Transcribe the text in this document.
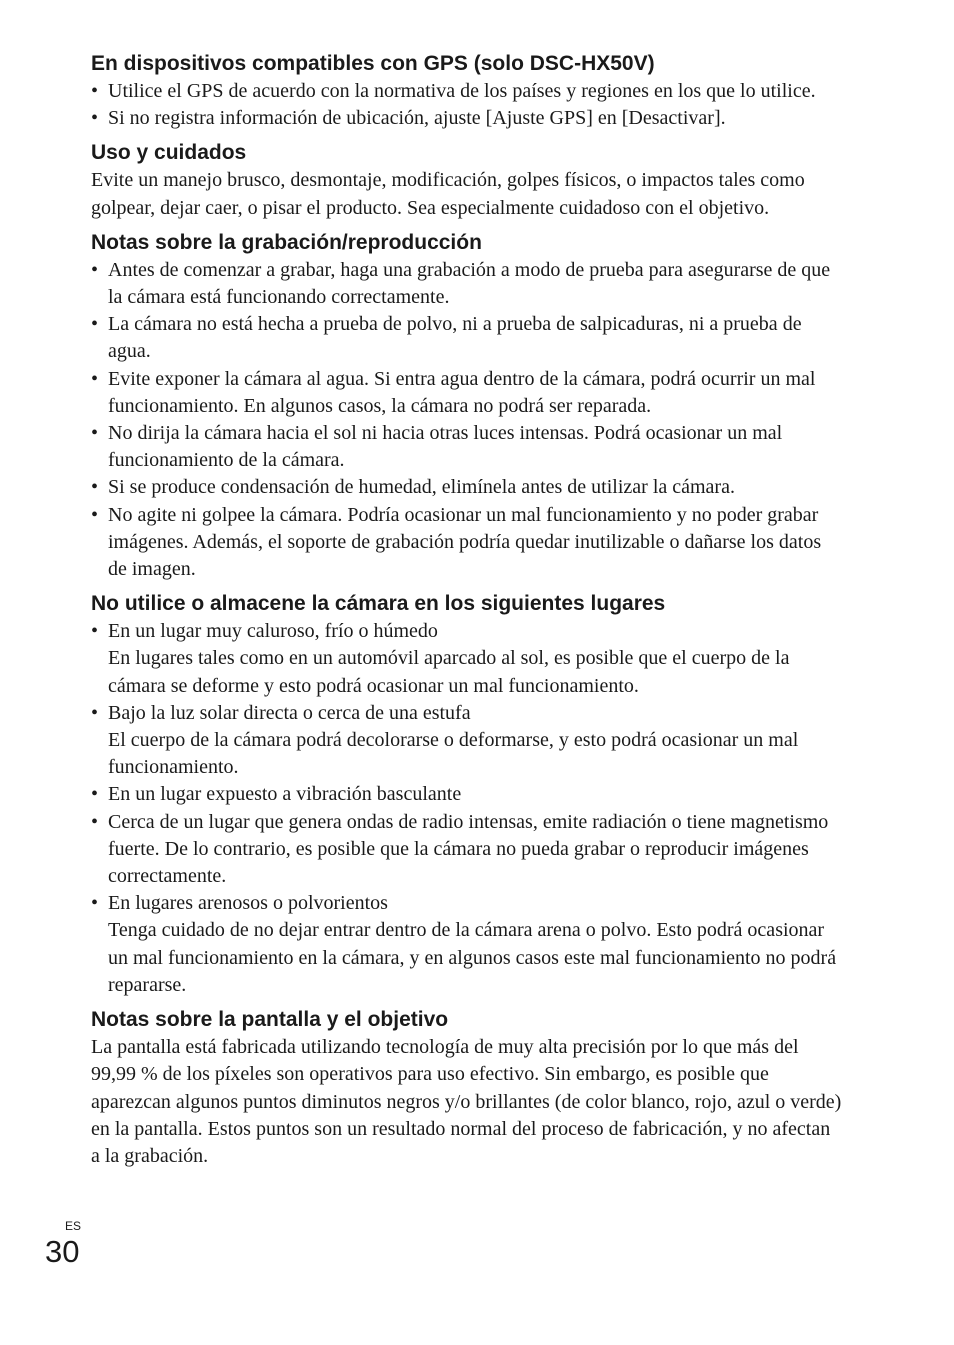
En dispositivos compatibles con GPS (solo DSC-HX50V)
• Utilice el GPS de acuerdo con la normativa de los países y regiones en los que lo utilice.
• Si no registra información de ubicación, ajuste [Ajuste GPS] en [Desactivar].
Uso y cuidados

Evite un manejo brusco, desmontaje, modificación, golpes físicos, o impactos tales como golpear, dejar caer, o pisar el producto. Sea especialmente cuidadoso con el objetivo.

Notas sobre la grabación/reproducción
• Antes de comenzar a grabar, haga una grabación a modo de prueba para asegurarse de que la cámara está funcionando correctamente.
• La cámara no está hecha a prueba de polvo, ni a prueba de salpicaduras, ni a prueba de agua.
• Evite exponer la cámara al agua. Si entra agua dentro de la cámara, podrá ocurrir un mal funcionamiento. En algunos casos, la cámara no podrá ser reparada.
• No dirija la cámara hacia el sol ni hacia otras luces intensas. Podrá ocasionar un mal funcionamiento de la cámara.
• Si se produce condensación de humedad, elimínela antes de utilizar la cámara.
• No agite ni golpee la cámara. Podría ocasionar un mal funcionamiento y no poder grabar imágenes. Además, el soporte de grabación podría quedar inutilizable o dañarse los datos de imagen.
No utilice o almacene la cámara en los siguientes lugares
• En un lugar muy caluroso, frío o húmedo
En lugares tales como en un automóvil aparcado al sol, es posible que el cuerpo de la cámara se deforme y esto podrá ocasionar un mal funcionamiento.
• Bajo la luz solar directa o cerca de una estufa
El cuerpo de la cámara podrá decolorarse o deformarse, y esto podrá ocasionar un mal funcionamiento.
• En un lugar expuesto a vibración basculante
• Cerca de un lugar que genera ondas de radio intensas, emite radiación o tiene magnetismo fuerte. De lo contrario, es posible que la cámara no pueda grabar o reproducir imágenes correctamente.
• En lugares arenosos o polvorientos
Tenga cuidado de no dejar entrar dentro de la cámara arena o polvo. Esto podrá ocasionar un mal funcionamiento en la cámara, y en algunos casos este mal funcionamiento no podrá repararse.
Notas sobre la pantalla y el objetivo

La pantalla está fabricada utilizando tecnología de muy alta precisión por lo que más del 99,99 % de los píxeles son operativos para uso efectivo. Sin embargo, es posible que aparezcan algunos puntos diminutos negros y/o brillantes (de color blanco, rojo, azul o verde) en la pantalla. Estos puntos son un resultado normal del proceso de fabricación, y no afectan a la grabación.

ES
30
